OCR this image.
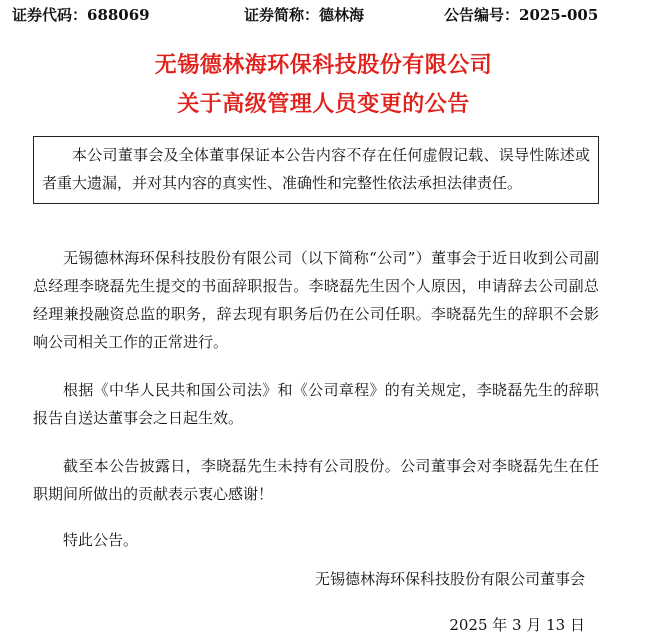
证券代码：688069	证券简称：德林海	公告编号：2025-005
无锡德林海环保科技股份有限公司
关于高级管理人员变更的公告

本公司董事会及全体董事保证本公告内容不存在任何虚假记载、误导性陈述或者重大遗漏，并对其内容的真实性、准确性和完整性依法承担法律责任。

无锡德林海环保科技股份有限公司（以下简称“公司”）董事会于近日收到公司副总经理李晓磊先生提交的书面辞职报告。李晓磊先生因个人原因，申请辞去公司副总经理兼投融资总监的职务，辞去现有职务后仍在公司任职。李晓磊先生的辞职不会影响公司相关工作的正常进行。

根据《中华人民共和国公司法》和《公司章程》的有关规定，李晓磊先生的辞职报告自送达董事会之日起生效。

截至本公告披露日，李晓磊先生未持有公司股份。公司董事会对李晓磊先生在任职期间所做出的贡献表示衷心感谢！

特此公告。

无锡德林海环保科技股份有限公司董事会
2025 年 3 月 13 日
